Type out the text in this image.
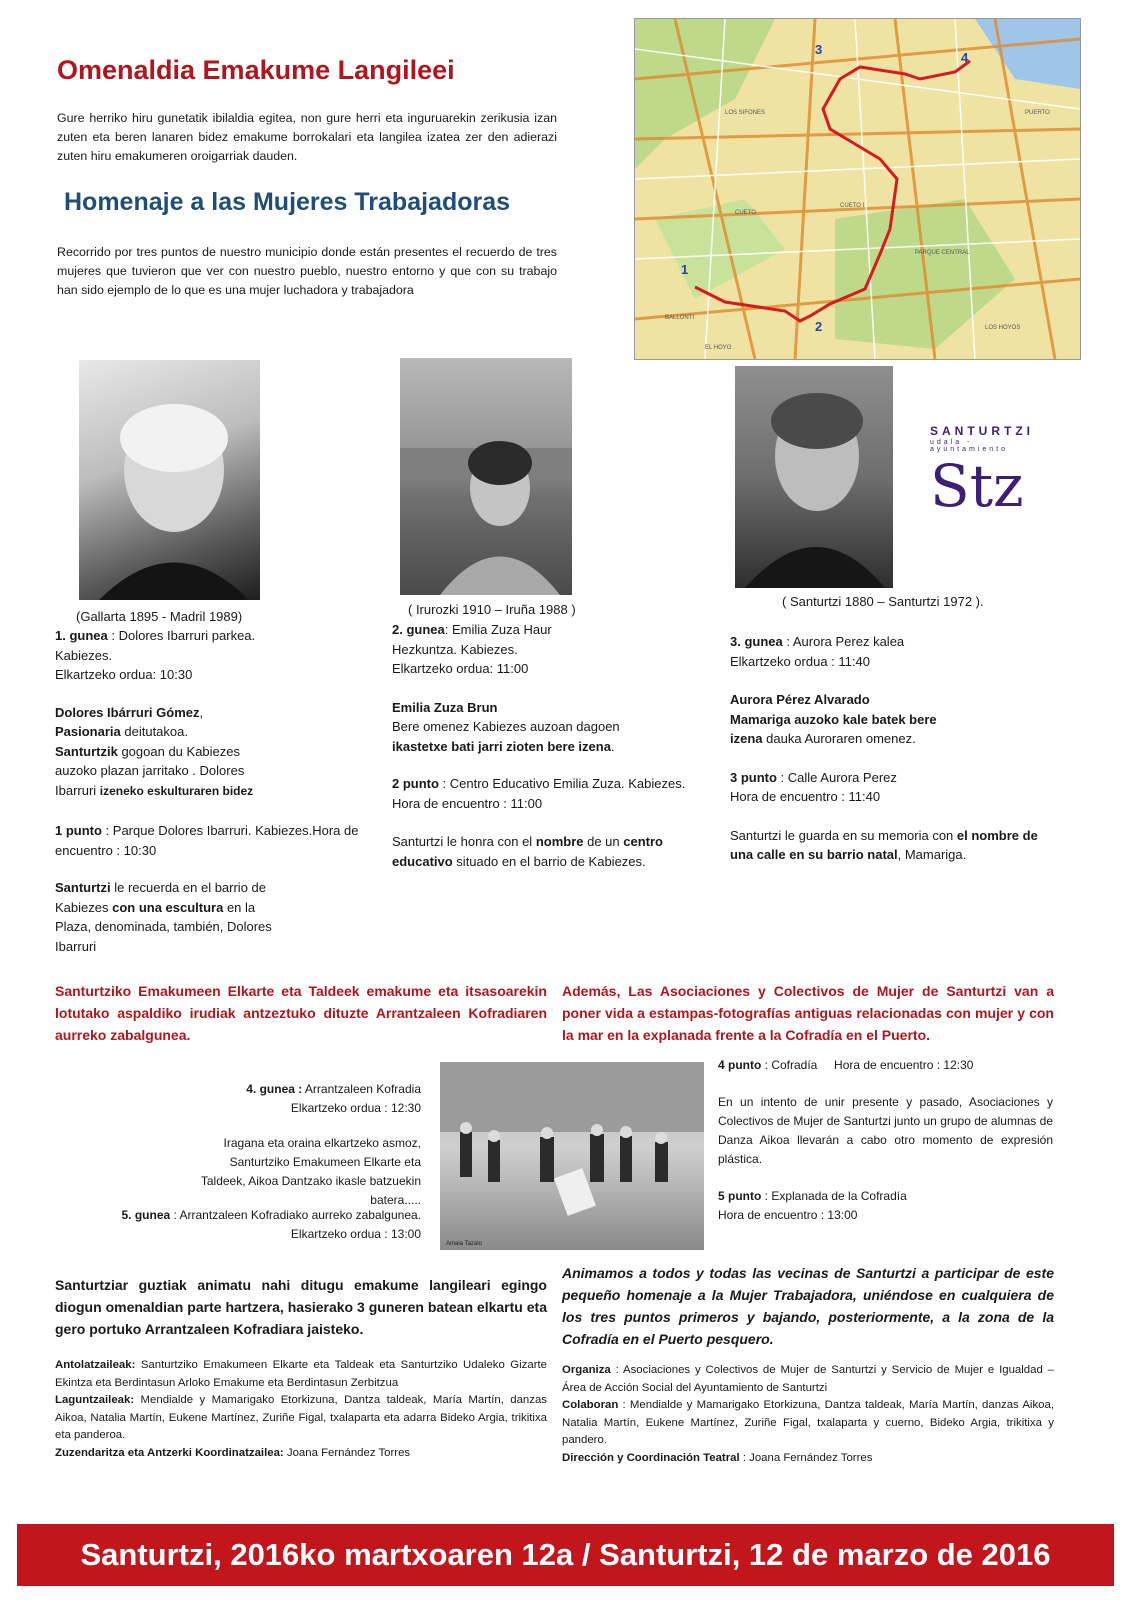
Omenaldia Emakume Langileei

Gure herriko hiru gunetatik ibilaldia egitea, non gure herri eta inguruarekin zerikusia izan zuten eta beren lanaren bidez emakume borrokalari eta langilea izatea zer den adierazi zuten hiru emakumeren oroigarriak dauden.

Homenaje a las Mujeres Trabajadoras

Recorrido por tres puntos de nuestro municipio donde están presentes el recuerdo de tres mujeres que tuvieron que ver con nuestro pueblo, nuestro entorno y que con su trabajo han sido ejemplo de lo que es una mujer luchadora y trabajadora

CUETO
CUETO I
LOS SIFONES
PARQUE CENTRAL
LOS HOYOS
BALLONTI
EL HOYO
PUERTO
1
2
3
4
SANTURTZI
udala - ayuntamiento
Stz
(Gallarta 1895 - Madril 1989)

1. gunea : Dolores Ibarruri parkea.

Kabiezes.

Elkartzeko ordua: 10:30

Dolores Ibárruri Gómez,
Pasionaria deitutakoa.
Santurtzik gogoan du Kabiezes auzoko plazan jarritako . Dolores Ibarruri izeneko eskulturaren bidez

1 punto : Parque Dolores Ibarruri. Kabiezes.Hora de encuentro : 10:30

Santurtzi le recuerda en el barrio de Kabiezes con una escultura en la Plaza, denominada, también, Dolores Ibarruri

( Irurozki 1910 – Iruña 1988 )

2. gunea: Emilia Zuza Haur Hezkuntza. Kabiezes.

Elkartzeko ordua: 11:00

Emilia Zuza Brun

Bere omenez Kabiezes auzoan dagoen ikastetxe bati jarri zioten bere izena.

2 punto : Centro Educativo Emilia Zuza. Kabiezes.

Hora de encuentro : 11:00

Santurtzi le honra con el nombre de un centro educativo situado en el barrio de Kabiezes.

( Santurtzi 1880 – Santurtzi 1972 ).

3. gunea : Aurora Perez kalea

Elkartzeko ordua : 11:40

Aurora Pérez Alvarado

Mamariga auzoko kale batek bere izena dauka Auroraren omenez.

3 punto : Calle Aurora Perez

Hora de encuentro : 11:40

Santurtzi le guarda en su memoria con el nombre de una calle en su barrio natal, Mamariga.

Santurtziko Emakumeen Elkarte eta Taldeek emakume eta itsasoarekin lotutako aspaldiko irudiak antzeztuko dituzte Arrantzaleen Kofradiaren aurreko zabalgunea.

Además, Las Asociaciones y Colectivos de Mujer de Santurtzi van a poner vida a estampas-fotografías antiguas relacionadas con mujer y con la mar en la explanada frente a la Cofradía en el Puerto.

4. gunea : Arrantzaleen Kofradia

Elkartzeko ordua : 12:30

Iragana eta oraina elkartzeko asmoz, Santurtziko Emakumeen Elkarte eta Taldeek, Aikoa Dantzako ikasle batzuekin batera.....

5. gunea : Arrantzaleen Kofradiako aurreko zabalgunea.

Elkartzeko ordua : 13:00

Amaia Tazalo

4 punto : Cofradía     Hora de encuentro : 12:30

En un intento de unir presente y pasado, Asociaciones y Colectivos de Mujer de Santurtzi junto un grupo de alumnas de Danza Aikoa llevarán a cabo otro momento de expresión plástica.

5 punto : Explanada de la Cofradía

Hora de encuentro : 13:00

Santurtziar guztiak animatu nahi ditugu emakume langileari egingo diogun omenaldian parte hartzera, hasierako 3 guneren batean elkartu eta gero portuko Arrantzaleen Kofradiara jaisteko.

Animamos a todos y todas las vecinas de Santurtzi a participar de este pequeño homenaje a la Mujer Trabajadora, uniéndose en cualquiera de los tres puntos primeros y bajando, posteriormente, a la zona de la Cofradía en el Puerto pesquero.

Antolatzaileak: Santurtziko Emakumeen Elkarte eta Taldeak eta Santurtziko Udaleko Gizarte Ekintza eta Berdintasun Arloko Emakume eta Berdintasun Zerbitzua

Laguntzaileak: Mendialde y Mamarigako Etorkizuna, Dantza taldeak, María Martín, danzas Aikoa, Natalia Martín, Eukene Martínez, Zuriñe Figal, txalaparta eta adarra Bideko Argia, trikitixa eta panderoa.

Zuzendaritza eta Antzerki Koordinatzailea: Joana Fernández Torres

Organiza : Asociaciones y Colectivos de Mujer de Santurtzi y Servicio de Mujer e Igualdad – Área de Acción Social del Ayuntamiento de Santurtzi

Colaboran : Mendialde y Mamarigako Etorkizuna, Dantza taldeak, María Martín, danzas Aikoa, Natalia Martín, Eukene Martínez, Zuriñe Figal, txalaparta y cuerno, Bideko Argia, trikitixa y pandero.

Dirección y Coordinación Teatral : Joana Fernández Torres

Santurtzi, 2016ko martxoaren 12a / Santurtzi, 12 de marzo de 2016
